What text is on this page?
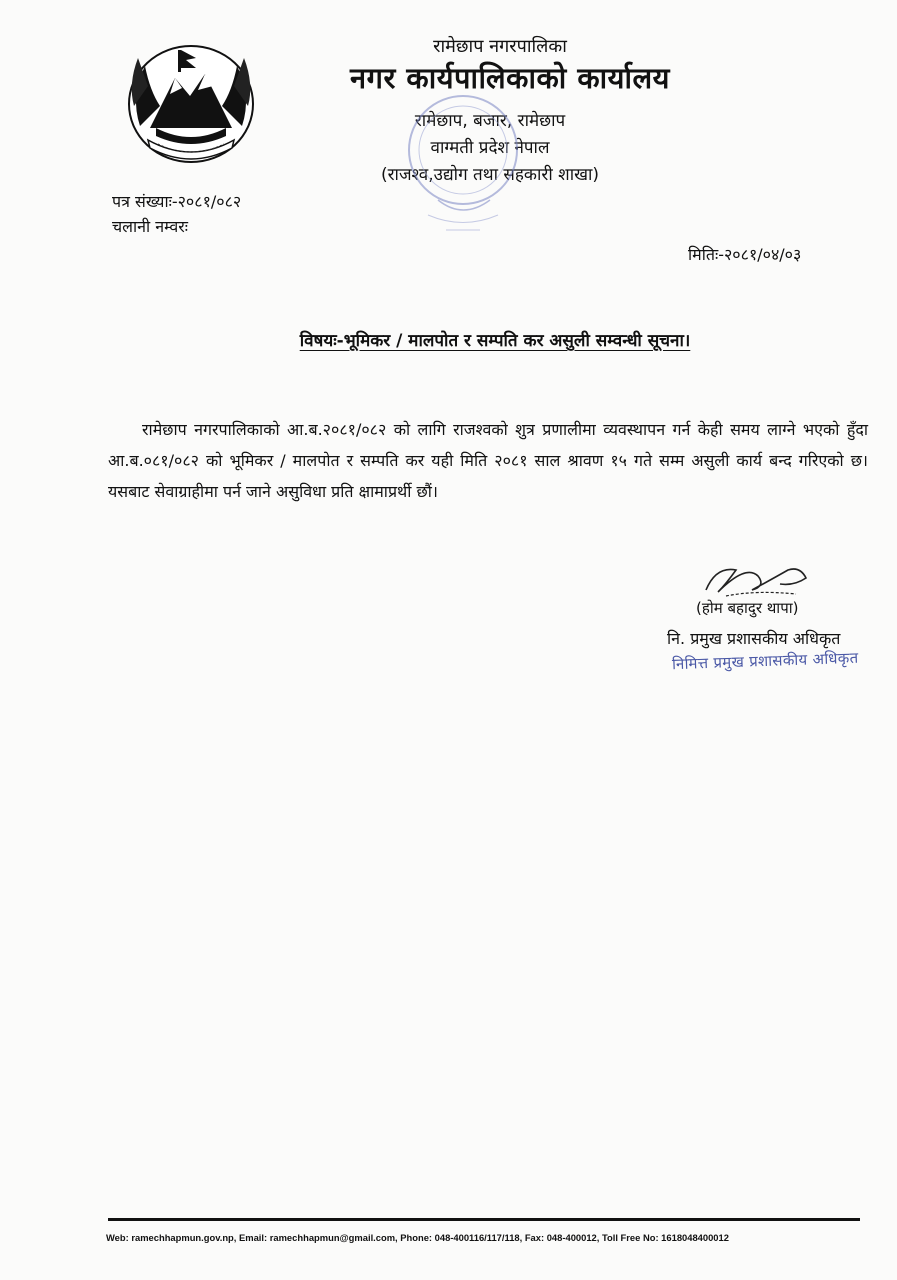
रामेछाप नगरपालिका
नगर कार्यपालिकाको कार्यालय
रामेछाप, बजार, रामेछाप
वाग्मती प्रदेश नेपाल
(राजश्व,उद्योग तथा सहकारी शाखा)
पत्र संख्याः-२०८१/०८२
चलानी नम्वरः
मितिः-२०८१/०४/०३
विषयः-भूमिकर / मालपोत र सम्पति कर असुली सम्वन्धी सूचना।
रामेछाप नगरपालिकाको आ.ब.२०८१/०८२ को लागि राजश्वको शुत्र प्रणालीमा व्यवस्थापन गर्न केही समय लाग्ने भएको हुँदा आ.ब.०८१/०८२ को भूमिकर / मालपोत र सम्पति कर यही मिति २०८१ साल श्रावण १५ गते सम्म असुली कार्य बन्द गरिएको छ। यसबाट सेवाग्राहीमा पर्न जाने असुविधा प्रति क्षामाप्रर्थी छौं।
(होम बहादुर थापा)
नि. प्रमुख प्रशासकीय अधिकृत
निमित्त प्रमुख प्रशासकीय अधिकृत
Web: ramechhapmun.gov.np, Email: ramechhapmun@gmail.com, Phone: 048-400116/117/118, Fax: 048-400012, Toll Free No: 1618048400012
